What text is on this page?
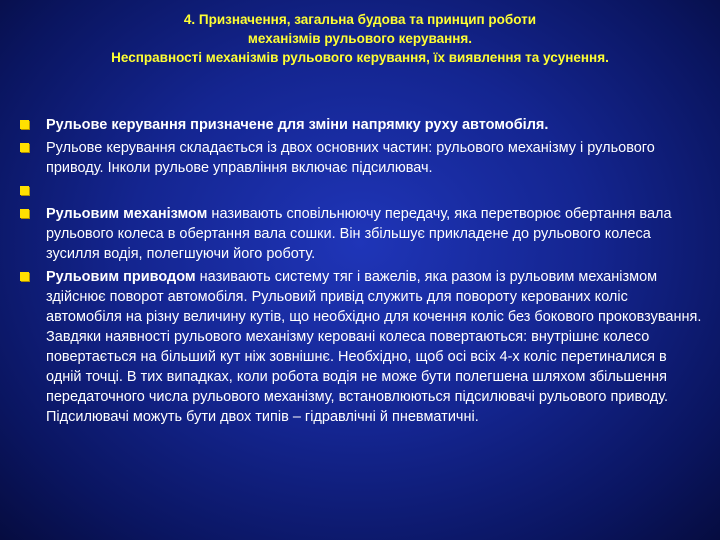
4. Призначення, загальна будова та принцип роботи
механізмів рульового керування.
Несправності механізмів рульового керування, їх виявлення та усунення.
Рульове керування призначене для зміни напрямку руху автомобіля.
Рульове керування складається із двох основних частин: рульового механізму і рульового приводу. Інколи рульове управління включає підсилювач.
Рульовим механізмом називають сповільнюючу передачу, яка перетворює обертання вала рульового колеса в обертання вала сошки. Він збільшує прикладене до рульового колеса зусилля водія, полегшуючи його роботу.
Рульовим приводом називають систему тяг і важелів, яка разом із рульовим механізмом здійснює поворот автомобіля. Рульовий привід служить для повороту керованих коліс автомобіля на різну величину кутів, що необхідно для кочення коліс без бокового проковзування. Завдяки наявності рульового механізму керовані колеса повертаються: внутрішнє колесо повертається на більший кут ніж зовнішнє. Необхідно, щоб осі всіх 4-х коліс перетиналися в одній точці. В тих випадках, коли робота водія не може бути полегшена шляхом збільшення передаточного числа рульового механізму, встановлюються підсилювачі рульового приводу. Підсилювачі можуть бути двох типів – гідравлічні й пневматичні.
